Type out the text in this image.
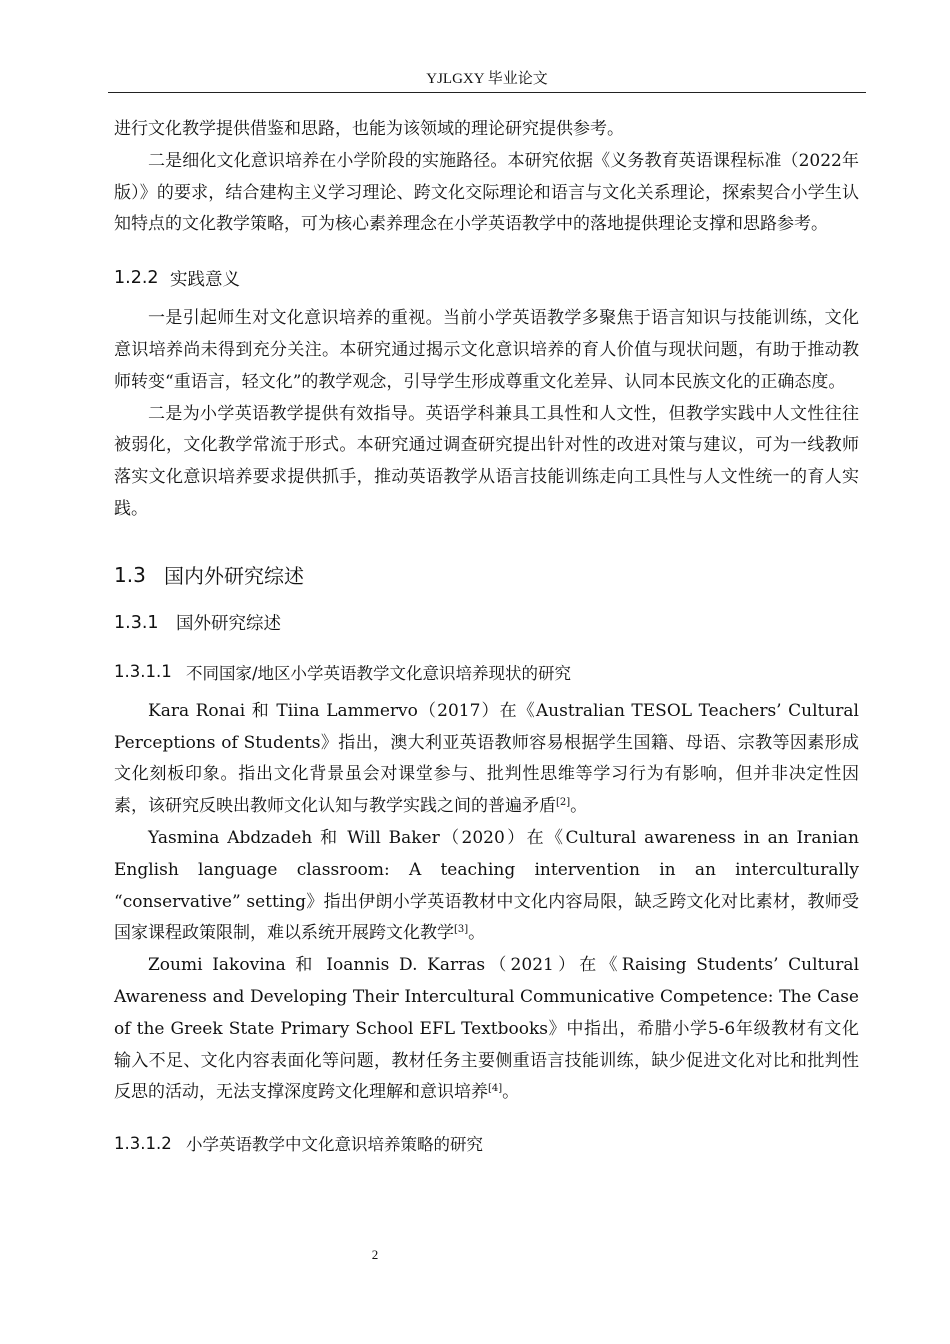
YJLGXY 毕业论文

进行文化教学提供借鉴和思路，也能为该领域的理论研究提供参考。

二是细化文化意识培养在小学阶段的实施路径。本研究依据《义务教育英语课程标准（2022年版）》的要求，结合建构主义学习理论、跨文化交际理论和语言与文化关系理论，探索契合小学生认知特点的文化教学策略，可为核心素养理念在小学英语教学中的落地提供理论支撑和思路参考。

1.2.2 实践意义

一是引起师生对文化意识培养的重视。当前小学英语教学多聚焦于语言知识与技能训练，文化意识培养尚未得到充分关注。本研究通过揭示文化意识培养的育人价值与现状问题，有助于推动教师转变“重语言，轻文化”的教学观念，引导学生形成尊重文化差异、认同本民族文化的正确态度。

二是为小学英语教学提供有效指导。英语学科兼具工具性和人文性，但教学实践中人文性往往被弱化，文化教学常流于形式。本研究通过调查研究提出针对性的改进对策与建议，可为一线教师落实文化意识培养要求提供抓手，推动英语教学从语言技能训练走向工具性与人文性统一的育人实践。

1.3 国内外研究综述
1.3.1 国外研究综述
1.3.1.1 不同国家/地区小学英语教学文化意识培养现状的研究

Kara Ronai 和 Tiina Lammervo（2017）在《Australian TESOL Teachers’ Cultural Perceptions of Students》指出，澳大利亚英语教师容易根据学生国籍、母语、宗教等因素形成文化刻板印象。指出文化背景虽会对课堂参与、批判性思维等学习行为有影响，但并非决定性因素，该研究反映出教师文化认知与教学实践之间的普遍矛盾[2]。

Yasmina Abdzadeh 和 Will Baker（2020）在《Cultural awareness in an Iranian English language classroom: A teaching intervention in an interculturally “conservative” setting》指出伊朗小学英语教材中文化内容局限，缺乏跨文化对比素材，教师受国家课程政策限制，难以系统开展跨文化教学[3]。

Zoumi Iakovina 和 Ioannis D. Karras（2021）在《Raising Students’ Cultural Awareness and Developing Their Intercultural Communicative Competence: The Case of the Greek State Primary School EFL Textbooks》中指出，希腊小学5-6年级教材有文化输入不足、文化内容表面化等问题，教材任务主要侧重语言技能训练，缺少促进文化对比和批判性反思的活动，无法支撑深度跨文化理解和意识培养[4]。

1.3.1.2 小学英语教学中文化意识培养策略的研究
2
